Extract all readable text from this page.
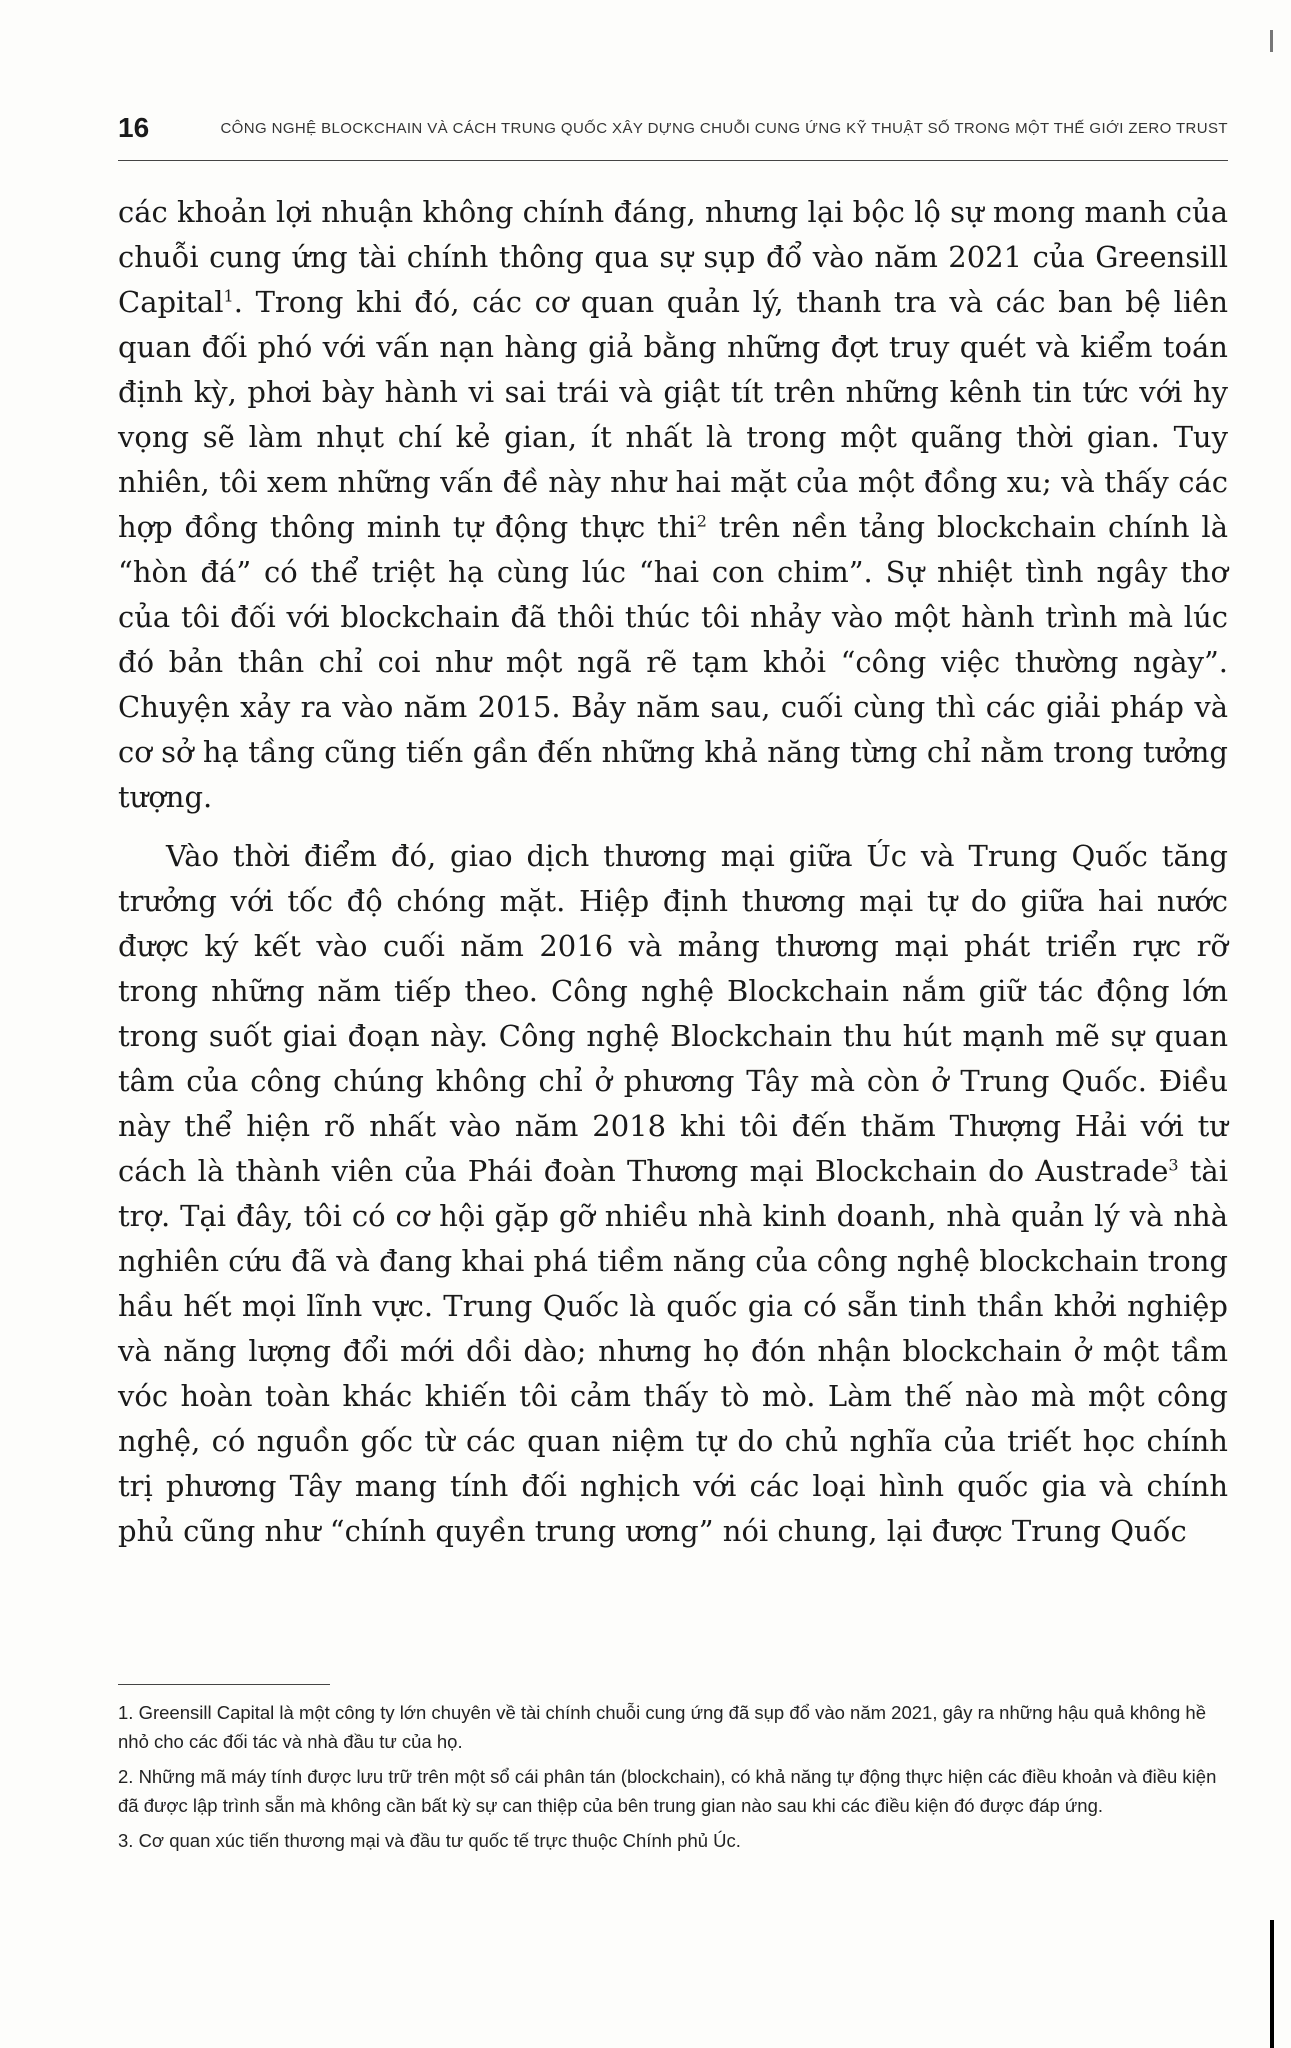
16	CÔNG NGHỆ BLOCKCHAIN VÀ CÁCH TRUNG QUỐC XÂY DỰNG CHUỖI CUNG ỨNG KỸ THUẬT SỐ TRONG MỘT THẾ GIỚI ZERO TRUST

các khoản lợi nhuận không chính đáng, nhưng lại bộc lộ sự mong manh của chuỗi cung ứng tài chính thông qua sự sụp đổ vào năm 2021 của Greensill Capital$^1$. Trong khi đó, các cơ quan quản lý, thanh tra và các ban bệ liên quan đối phó với vấn nạn hàng giả bằng những đợt truy quét và kiểm toán định kỳ, phơi bày hành vi sai trái và giật tít trên những kênh tin tức với hy vọng sẽ làm nhụt chí kẻ gian, ít nhất là trong một quãng thời gian. Tuy nhiên, tôi xem những vấn đề này như hai mặt của một đồng xu; và thấy các hợp đồng thông minh tự động thực thi$^2$ trên nền tảng blockchain chính là “hòn đá” có thể triệt hạ cùng lúc “hai con chim”. Sự nhiệt tình ngây thơ của tôi đối với blockchain đã thôi thúc tôi nhảy vào một hành trình mà lúc đó bản thân chỉ coi như một ngã rẽ tạm khỏi “công việc thường ngày”. Chuyện xảy ra vào năm 2015. Bảy năm sau, cuối cùng thì các giải pháp và cơ sở hạ tầng cũng tiến gần đến những khả năng từng chỉ nằm trong tưởng tượng.

Vào thời điểm đó, giao dịch thương mại giữa Úc và Trung Quốc tăng trưởng với tốc độ chóng mặt. Hiệp định thương mại tự do giữa hai nước được ký kết vào cuối năm 2016 và mảng thương mại phát triển rực rỡ trong những năm tiếp theo. Công nghệ Blockchain nắm giữ tác động lớn trong suốt giai đoạn này. Công nghệ Blockchain thu hút mạnh mẽ sự quan tâm của công chúng không chỉ ở phương Tây mà còn ở Trung Quốc. Điều này thể hiện rõ nhất vào năm 2018 khi tôi đến thăm Thượng Hải với tư cách là thành viên của Phái đoàn Thương mại Blockchain do Austrade$^3$ tài trợ. Tại đây, tôi có cơ hội gặp gỡ nhiều nhà kinh doanh, nhà quản lý và nhà nghiên cứu đã và đang khai phá tiềm năng của công nghệ blockchain trong hầu hết mọi lĩnh vực. Trung Quốc là quốc gia có sẵn tinh thần khởi nghiệp và năng lượng đổi mới dồi dào; nhưng họ đón nhận blockchain ở một tầm vóc hoàn toàn khác khiến tôi cảm thấy tò mò. Làm thế nào mà một công nghệ, có nguồn gốc từ các quan niệm tự do chủ nghĩa của triết học chính trị phương Tây mang tính đối nghịch với các loại hình quốc gia và chính phủ cũng như “chính quyền trung ương” nói chung, lại được Trung Quốc

1. Greensill Capital là một công ty lớn chuyên về tài chính chuỗi cung ứng đã sụp đổ vào năm 2021, gây ra những hậu quả không hề nhỏ cho các đối tác và nhà đầu tư của họ.

2. Những mã máy tính được lưu trữ trên một sổ cái phân tán (blockchain), có khả năng tự động thực hiện các điều khoản và điều kiện đã được lập trình sẵn mà không cần bất kỳ sự can thiệp của bên trung gian nào sau khi các điều kiện đó được đáp ứng.

3. Cơ quan xúc tiến thương mại và đầu tư quốc tế trực thuộc Chính phủ Úc.
